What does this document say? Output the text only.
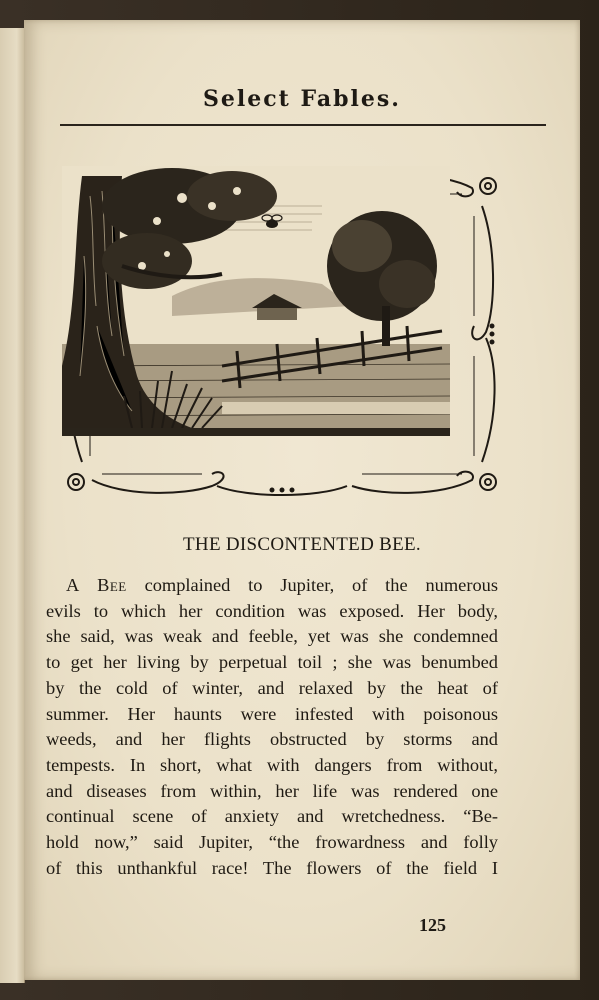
Select Fables.
THE DISCONTENTED BEE.
A Bee complained to Jupiter, of the numerous
evils to which her condition was exposed. Her body,
she said, was weak and feeble, yet was she condemned
to get her living by perpetual toil ; she was benumbed
by the cold of winter, and relaxed by the heat of
summer. Her haunts were infested with poisonous
weeds, and her flights obstructed by storms and
tempests. In short, what with dangers from without,
and diseases from within, her life was rendered one
continual scene of anxiety and wretchedness. “Be-
hold now,” said Jupiter, “the frowardness and folly
of this unthankful race! The flowers of the field I
125
